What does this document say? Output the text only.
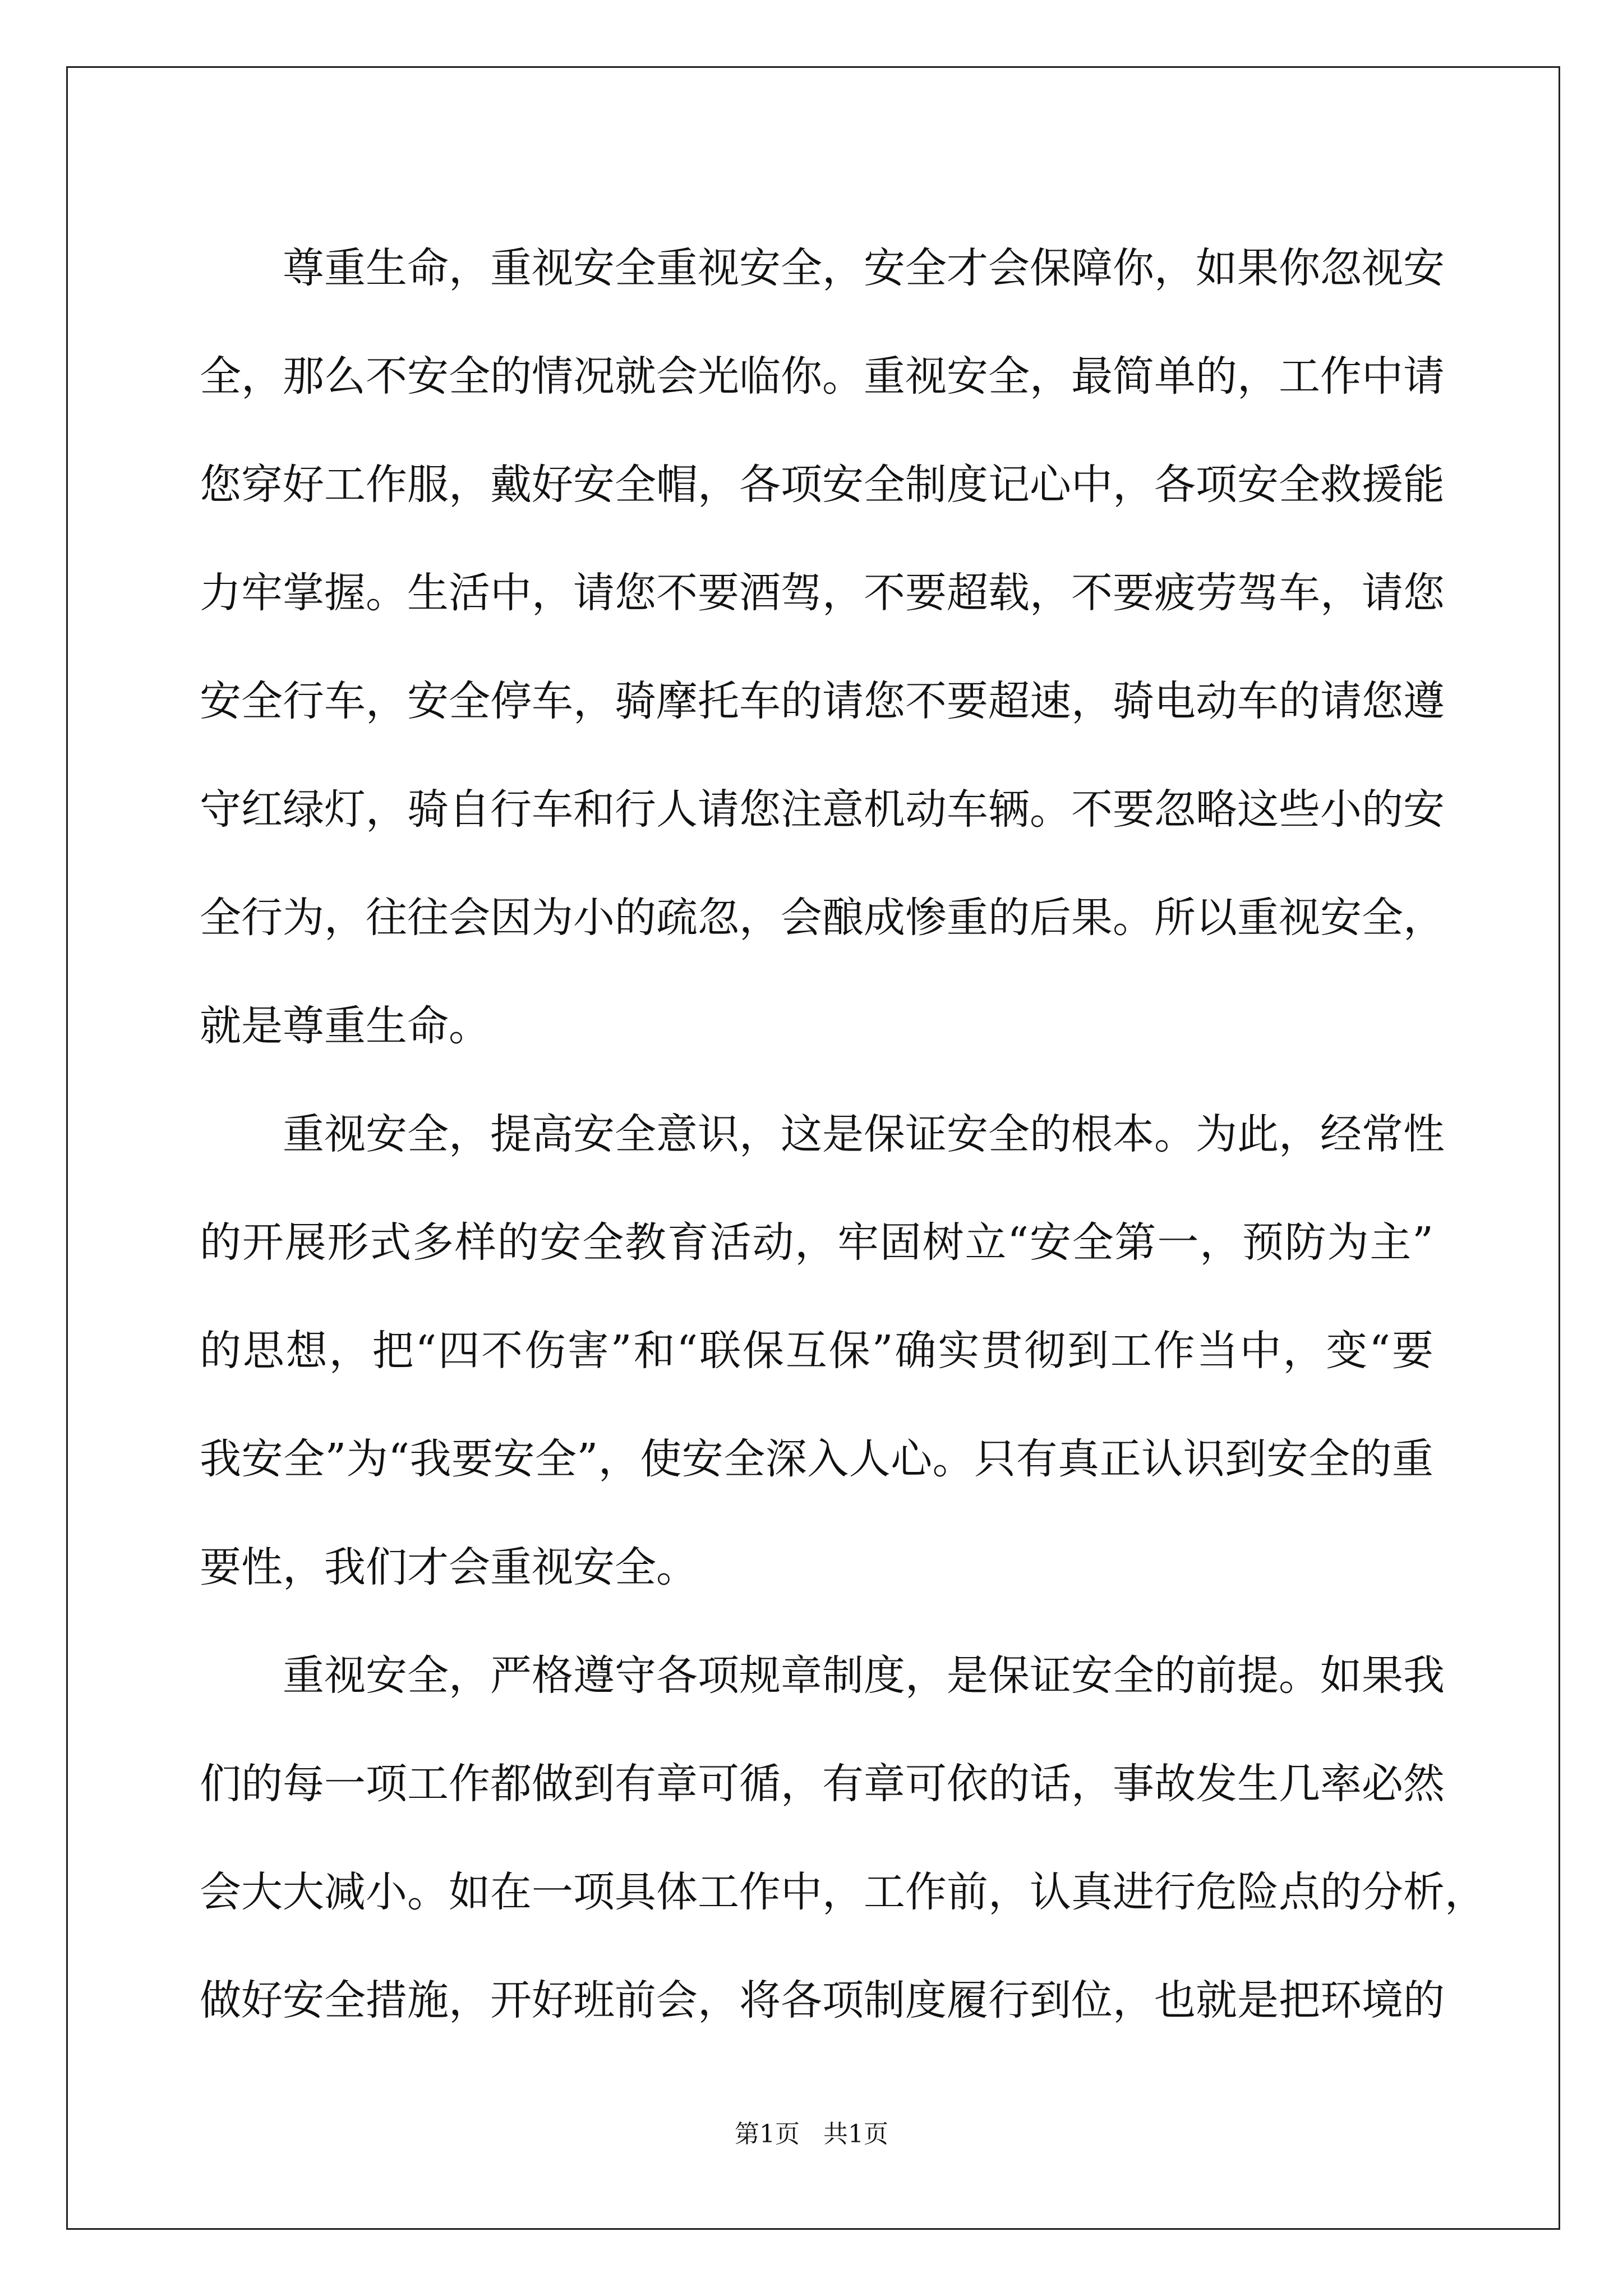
尊重生命，重视安全重视安全，安全才会保障你，如果你忽视安
全，那么不安全的情况就会光临你。重视安全，最简单的，工作中请
您穿好工作服，戴好安全帽，各项安全制度记心中，各项安全救援能
力牢掌握。生活中，请您不要酒驾，不要超载，不要疲劳驾车，请您
安全行车，安全停车，骑摩托车的请您不要超速，骑电动车的请您遵
守红绿灯，骑自行车和行人请您注意机动车辆。不要忽略这些小的安
全行为，往往会因为小的疏忽，会酿成惨重的后果。所以重视安全，
就是尊重生命。
重视安全，提高安全意识，这是保证安全的根本。为此，经常性
的开展形式多样的安全教育活动，牢固树立“安全第一，预防为主”
的思想，把“四不伤害”和“联保互保”确实贯彻到工作当中，变“要
我安全”为“我要安全”，使安全深入人心。只有真正认识到安全的重
要性，我们才会重视安全。
重视安全，严格遵守各项规章制度，是保证安全的前提。如果我
们的每一项工作都做到有章可循，有章可依的话，事故发生几率必然
会大大减小。如在一项具体工作中，工作前，认真进行危险点的分析，
做好安全措施，开好班前会，将各项制度履行到位，也就是把环境的
第1页   共1页
